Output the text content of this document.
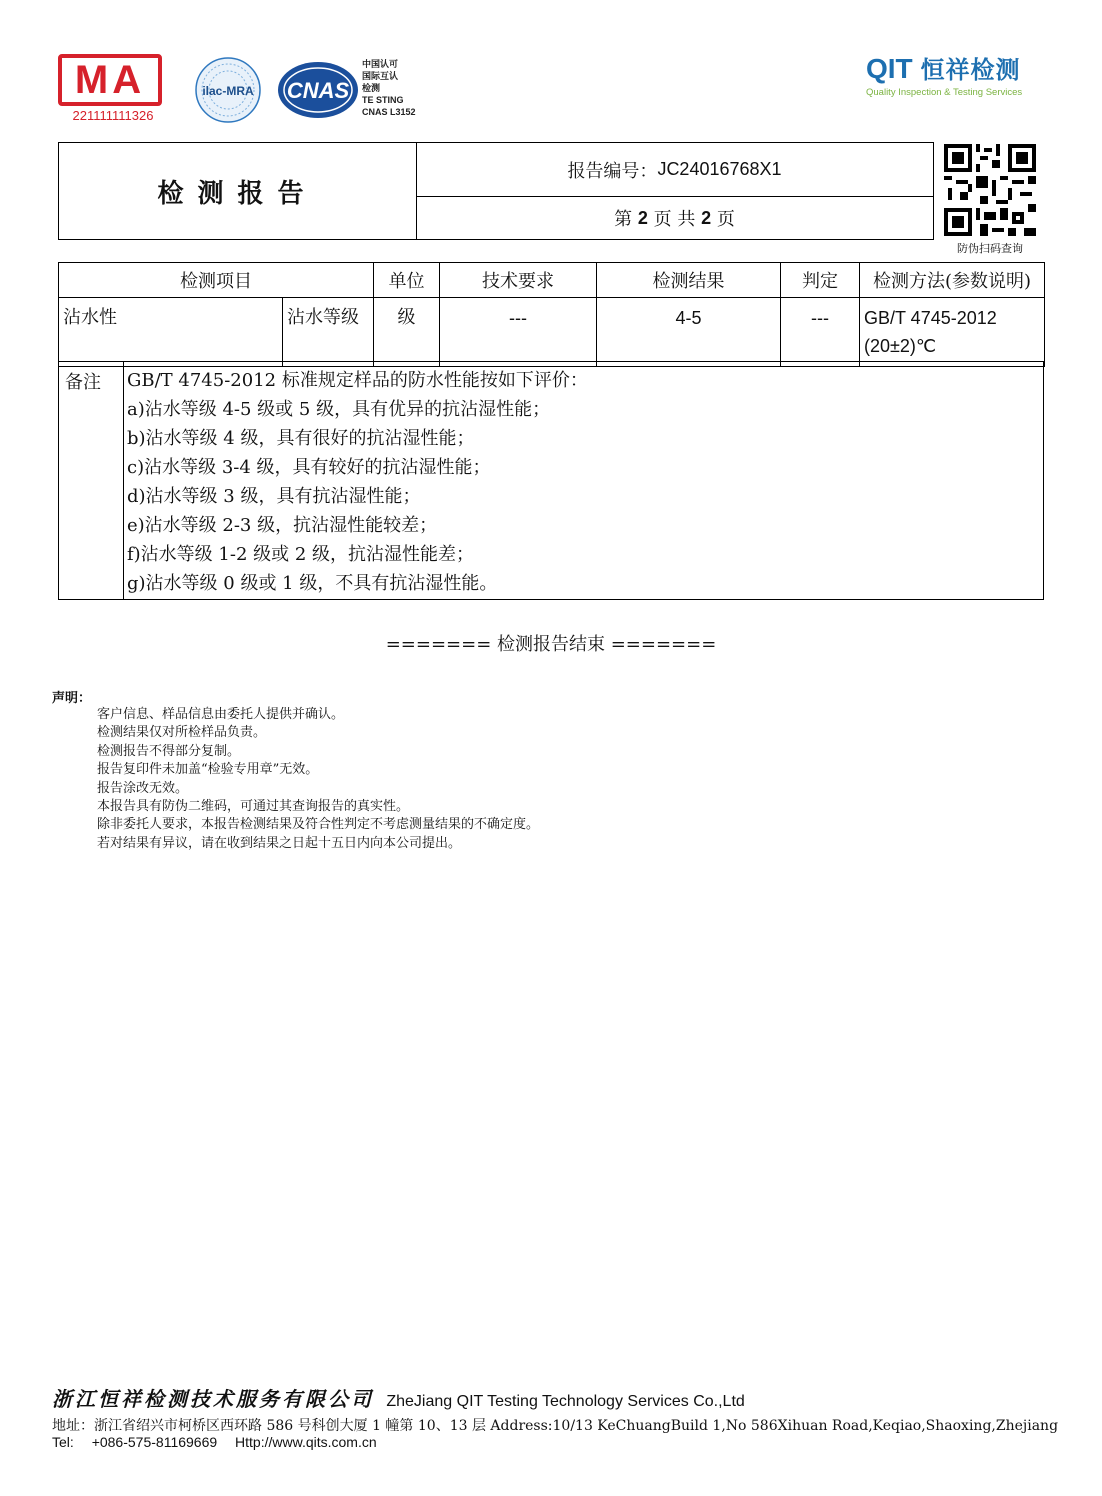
MA
221111111326
ilac-MRA CNAS
中国认可
国际互认
检测
TE STING
CNAS L3152
QIT 恒祥检测
Quality Inspection & Testing Services
检测报告
报告编号： JC24016768X1
第
2
页 共
2
页
防伪扫码查询
检测项目		单位	技术要求	检测结果	判定	检测方法(参数说明)
沾水性	沾水等级	级	---	4-5	---	GB/T 4745-2012
(20±2)℃
备注	GB/T 4745-2012 标准规定样品的防水性能按如下评价：
a)沾水等级 4-5 级或 5 级，具有优异的抗沾湿性能；
b)沾水等级 4 级，具有很好的抗沾湿性能；
c)沾水等级 3-4 级，具有较好的抗沾湿性能；
d)沾水等级 3 级，具有抗沾湿性能；
e)沾水等级 2-3 级，抗沾湿性能较差；
f)沾水等级 1-2 级或 2 级，抗沾湿性能差；
g)沾水等级 0 级或 1 级，不具有抗沾湿性能。
======= 检测报告结束 =======
声明：
客户信息、样品信息由委托人提供并确认。
检测结果仅对所检样品负责。
检测报告不得部分复制。
报告复印件未加盖“检验专用章”无效。
报告涂改无效。
本报告具有防伪二维码，可通过其查询报告的真实性。
除非委托人要求，本报告检测结果及符合性判定不考虑测量结果的不确定度。
若对结果有异议，请在收到结果之日起十五日内向本公司提出。
浙江恒祥检测技术服务有限公司 ZheJiang QIT Testing Technology Services Co.,Ltd
地址：浙江省绍兴市柯桥区西环路 586 号科创大厦 1 幢第 10、13 层 Address:10/13 KeChuangBuild 1,No 586Xihuan Road,Keqiao,Shaoxing,Zhejiang
Tel: +086-575-81169669 Http://www.qits.com.cn
